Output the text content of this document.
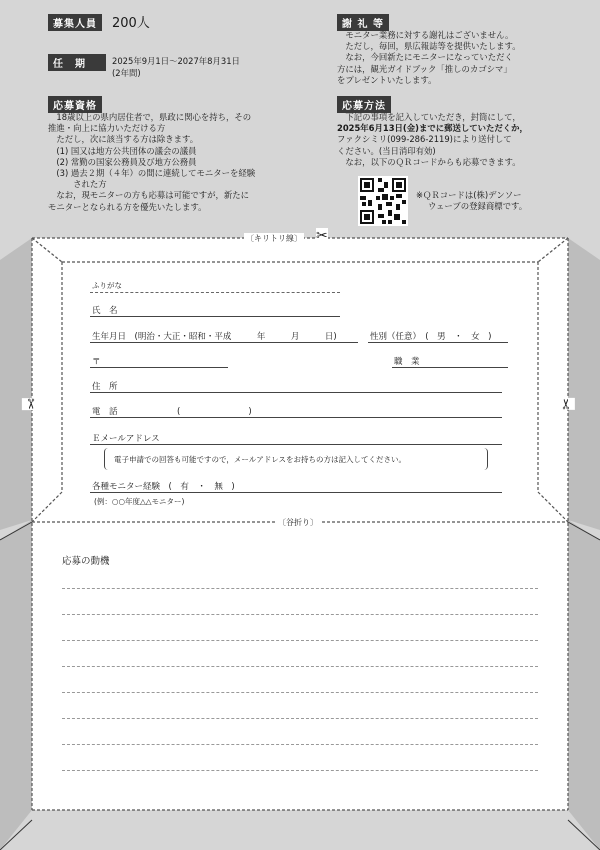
募集人員	200人
任　期	2025年9月1日～2027年8月31日
(2年間)
応募資格
　18歳以上の県内居住者で，県政に関心を持ち，その
推進・向上に協力いただける方
　ただし，次に該当する方は除きます。
　(1) 国又は地方公共団体の議会の議員
　(2) 常勤の国家公務員及び地方公務員
　(3) 過去２期（４年）の間に連続してモニターを経験
　　　された方
　なお，現モニターの方も応募は可能ですが，新たに
モニターとなられる方を優先いたします。
謝 礼 等
　モニター業務に対する謝礼はございません。
　ただし，毎回，県広報誌等を提供いたします。
　なお，今回新たにモニターになっていただく
方には，観光ガイドブック「推しのカゴシマ」
をプレゼントいたします。
応募方法
　下記の事項を記入していただき，封筒にして，
2025年6月13日(金)までに郵送していただくか，
ファクシミリ(099-286-2119)により送付して
ください。(当日消印有効)
　なお，以下のＱＲコードからも応募できます。
※ＱＲコードは(株)デンソー
ウェーブの登録商標です。
✂
✂	✂
〔キリトリ線〕
〔谷折り〕
ふりがな
氏　名
生年月日　(明治・大正・昭和・平成　　　年　　　月　　　日)	性別（任意）　(　男　・　女　)
〒	職　業
住　所
電　話　　　　　　　(　　　　　　　　)
Ｅメールアドレス
電子申請での回答も可能ですので，メールアドレスをお持ちの方は記入してください。
各種モニター経験　(　有　・　無　)
(例：○○年度△△モニター)
応募の動機
